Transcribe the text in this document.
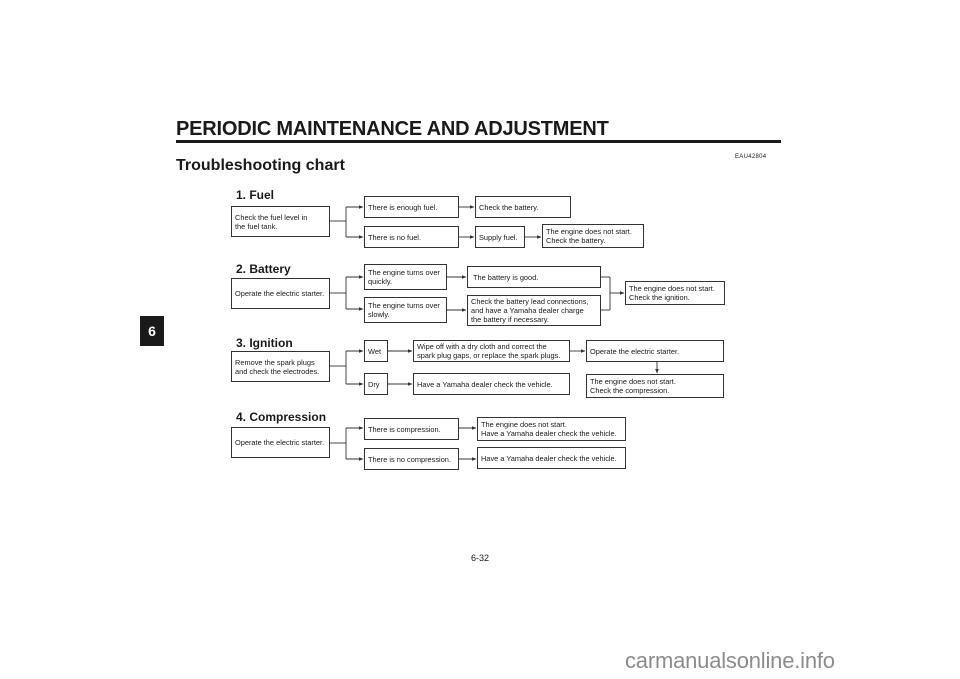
PERIODIC MAINTENANCE AND ADJUSTMENT
Troubleshooting chart	EAU42804
6
1. Fuel
Check the fuel level in
the fuel tank.
There is enough fuel.	Check the battery.
There is no fuel.	Supply fuel.
The engine does not start.
Check the battery.
2. Battery
Operate the electric starter.
The engine turns over
quickly.	The battery is good.
The engine turns over
slowly.
Check the battery lead connections,
and have a Yamaha dealer charge
the battery if necessary.
The engine does not start.
Check the ignition.
3. Ignition
Remove the spark plugs
and check the electrodes.
Wet	Wipe off with a dry cloth and correct the
spark plug gaps, or replace the spark plugs.	Operate the electric starter.
Dry	Have a Yamaha dealer check the vehicle.	The engine does not start.
Check the compression.
4. Compression
Operate the electric starter.
There is compression.	The engine does not start.
Have a Yamaha dealer check the vehicle.
There is no compression.	Have a Yamaha dealer check the vehicle.
6-32
carmanualsonline.info
